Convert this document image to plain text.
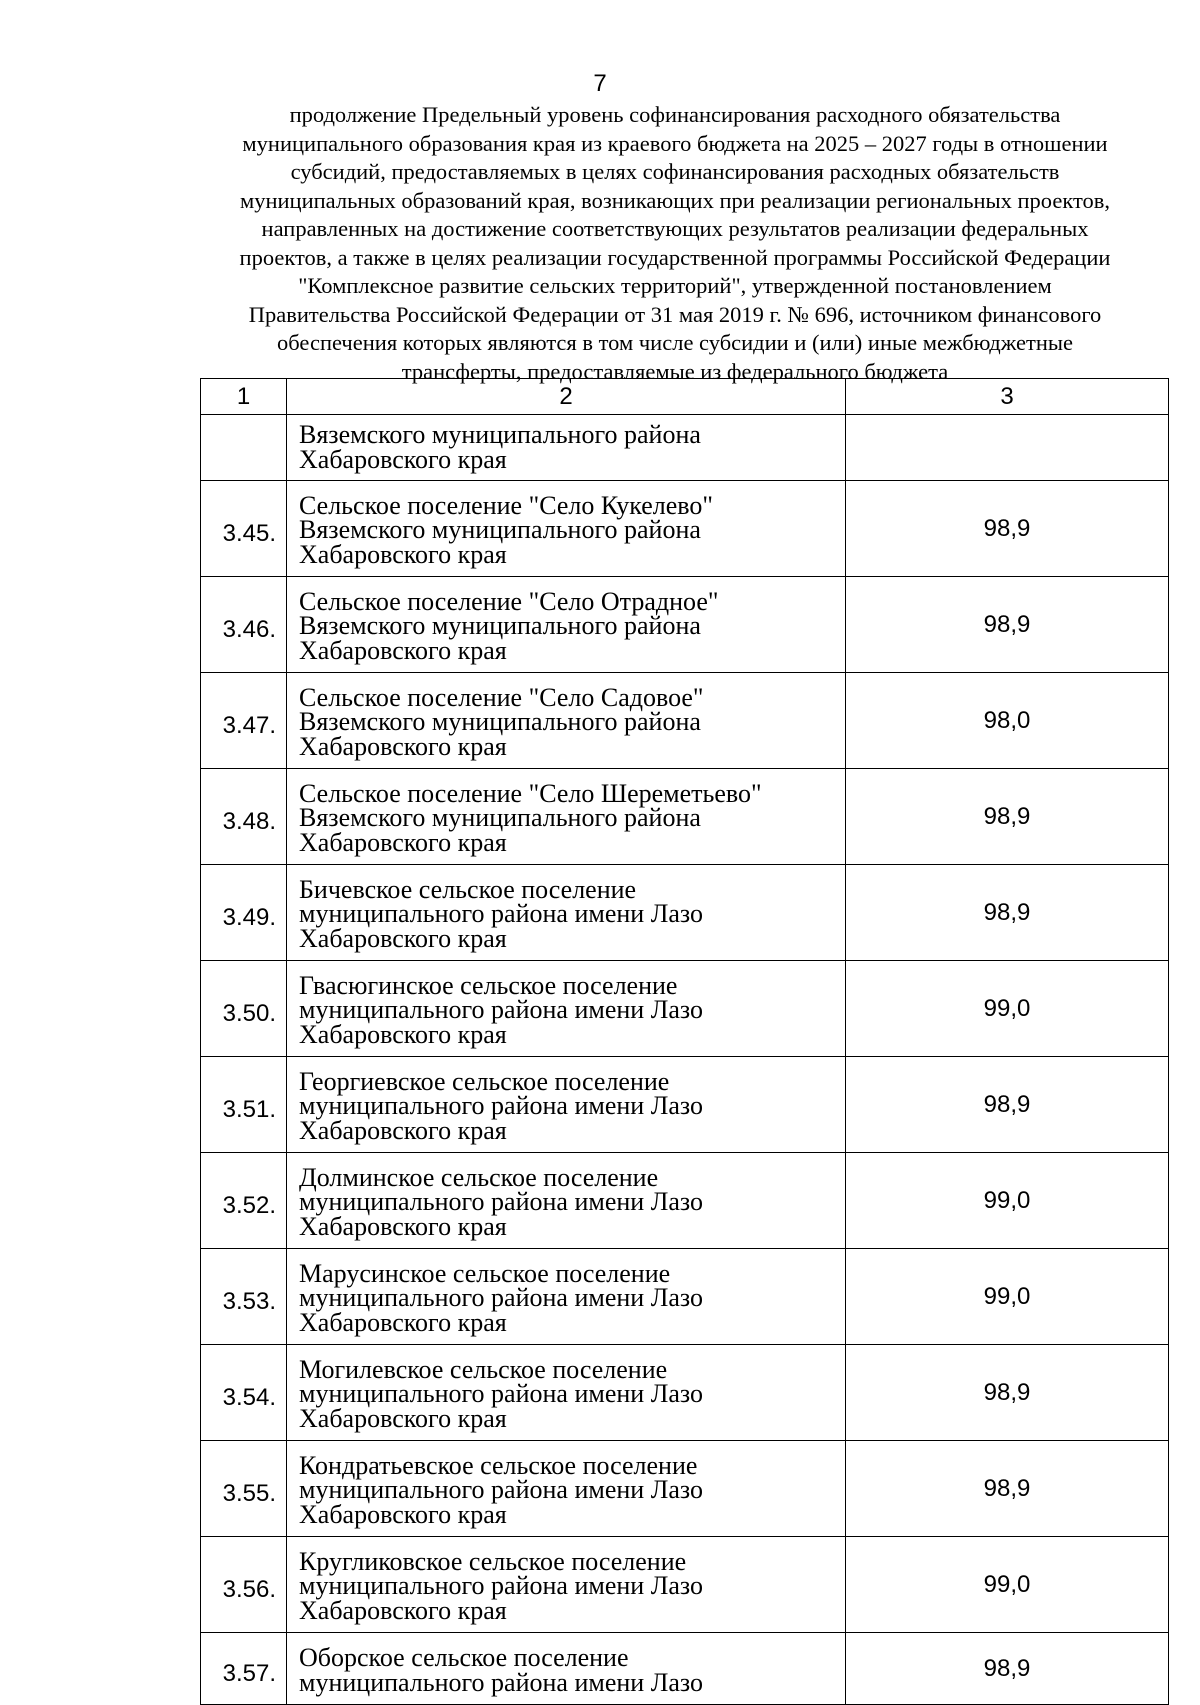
7
продолжение Предельный уровень софинансирования расходного обязательства
муниципального образования края из краевого бюджета на 2025 – 2027 годы в отношении
субсидий, предоставляемых в целях софинансирования расходных обязательств
муниципальных образований края, возникающих при реализации региональных проектов,
направленных на достижение соответствующих результатов реализации федеральных
проектов, а также в целях реализации государственной программы Российской Федерации
"Комплексное развитие сельских территорий", утвержденной постановлением
Правительства Российской Федерации от 31 мая 2019 г. № 696, источником финансового
обеспечения которых являются в том числе субсидии и (или) иные межбюджетные
трансферты, предоставляемые из федерального бюджета
1	2	3

	Вяземского муниципального района
Хабаровского края	

3.45.	Сельское поселение "Село Кукелево"
Вяземского муниципального района
Хабаровского края	98,9
3.46.	Сельское поселение "Село Отрадное"
Вяземского муниципального района
Хабаровского края	98,9
3.47.	Сельское поселение "Село Садовое"
Вяземского муниципального района
Хабаровского края	98,0
3.48.	Сельское поселение "Село Шереметьево"
Вяземского муниципального района
Хабаровского края	98,9
3.49.	Бичевское сельское поселение
муниципального района имени Лазо
Хабаровского края	98,9
3.50.	Гвасюгинское сельское поселение
муниципального района имени Лазо
Хабаровского края	99,0
3.51.	Георгиевское сельское поселение
муниципального района имени Лазо
Хабаровского края	98,9
3.52.	Долминское сельское поселение
муниципального района имени Лазо
Хабаровского края	99,0
3.53.	Марусинское сельское поселение
муниципального района имени Лазо
Хабаровского края	99,0
3.54.	Могилевское сельское поселение
муниципального района имени Лазо
Хабаровского края	98,9
3.55.	Кондратьевское сельское поселение
муниципального района имени Лазо
Хабаровского края	98,9
3.56.	Кругликовское сельское поселение
муниципального района имени Лазо
Хабаровского края	99,0
3.57.	Оборское сельское поселение
муниципального района имени Лазо	98,9
